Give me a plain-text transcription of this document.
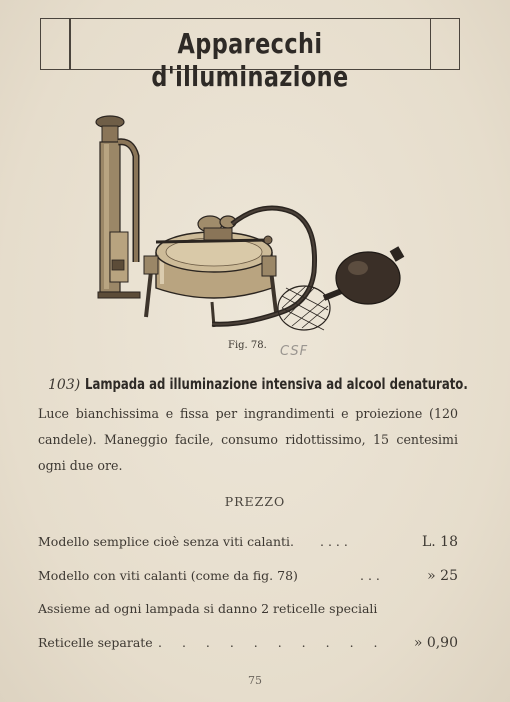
Apparecchi d'illuminazione
Fig. 78. CSF
103) Lampada ad illuminazione intensiva ad alcool denaturato.
Luce bianchissima e fissa per ingrandimenti e proiezione (120 candele). Maneggio facile, consumo ridottissimo, 15 centesimi ogni due ore.
PREZZO
Modello semplice cioè senza viti calanti. . . . .	L. 18
Modello con viti calanti (come da fig. 78)	. . .	» 25
Assieme ad ogni lampada si danno 2 reticelle speciali
Reticelle separate . . . . . . . . . . » 0,90
75
